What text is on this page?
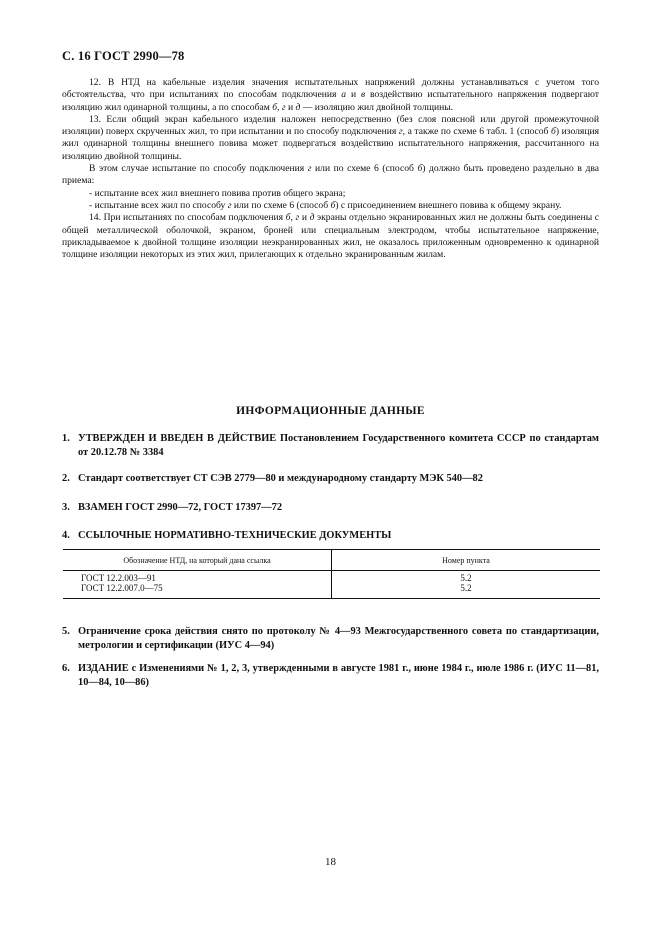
С. 16 ГОСТ 2990—78

12. В НТД на кабельные изделия значения испытательных напряжений должны устанавливаться с учетом того обстоятельства, что при испытаниях по способам подключения а и в воздействию испытательного напряжения подвергают изоляцию жил одинарной толщины, а по способам б, г и д — изоляцию жил двойной толщины.

13. Если общий экран кабельного изделия наложен непосредственно (без слоя поясной или другой промежуточной изоляции) поверх скрученных жил, то при испытании и по способу подключения г, а также по схеме 6 табл. 1 (способ б) изоляция жил одинарной толщины внешнего повива может подвергаться воздействию испытательного напряжения, рассчитанного на изоляцию двойной толщины.

В этом случае испытание по способу подключения г или по схеме 6 (способ б) должно быть проведено раздельно в два приема:

- испытание всех жил внешнего повива против общего экрана;

- испытание всех жил по способу г или по схеме 6 (способ б) с присоединением внешнего повива к общему экрану.

14. При испытаниях по способам подключения б, г и д экраны отдельно экранированных жил не должны быть соединены с общей металлической оболочкой, экраном, броней или специальным электродом, чтобы испытательное напряжение, прикладываемое к двойной толщине изоляции неэкранированных жил, не оказалось приложенным одновременно к одинарной толщине изоляции некоторых из этих жил, прилегающих к отдельно экранированным жилам.

ИНФОРМАЦИОННЫЕ ДАННЫЕ
1. УТВЕРЖДЕН И ВВЕДЕН В ДЕЙСТВИЕ Постановлением Государственного комитета СССР по стандартам от 20.12.78 № 3384
2. Стандарт соответствует СТ СЭВ 2779—80 и международному стандарту МЭК 540—82
3. ВЗАМЕН ГОСТ 2990—72, ГОСТ 17397—72
4. ССЫЛОЧНЫЕ НОРМАТИВНО-ТЕХНИЧЕСКИЕ ДОКУМЕНТЫ
Обозначение НТД, на который дана ссылка	Номер пункта
ГОСТ 12.2.003—91	5.2
ГОСТ 12.2.007.0—75	5.2
5. Ограничение срока действия снято по протоколу № 4—93 Межгосударственного совета по стандартизации, метрологии и сертификации (ИУС 4—94)
6. ИЗДАНИЕ с Изменениями № 1, 2, 3, утвержденными в августе 1981 г., июне 1984 г., июле 1986 г. (ИУС 11—81, 10—84, 10—86)
18
